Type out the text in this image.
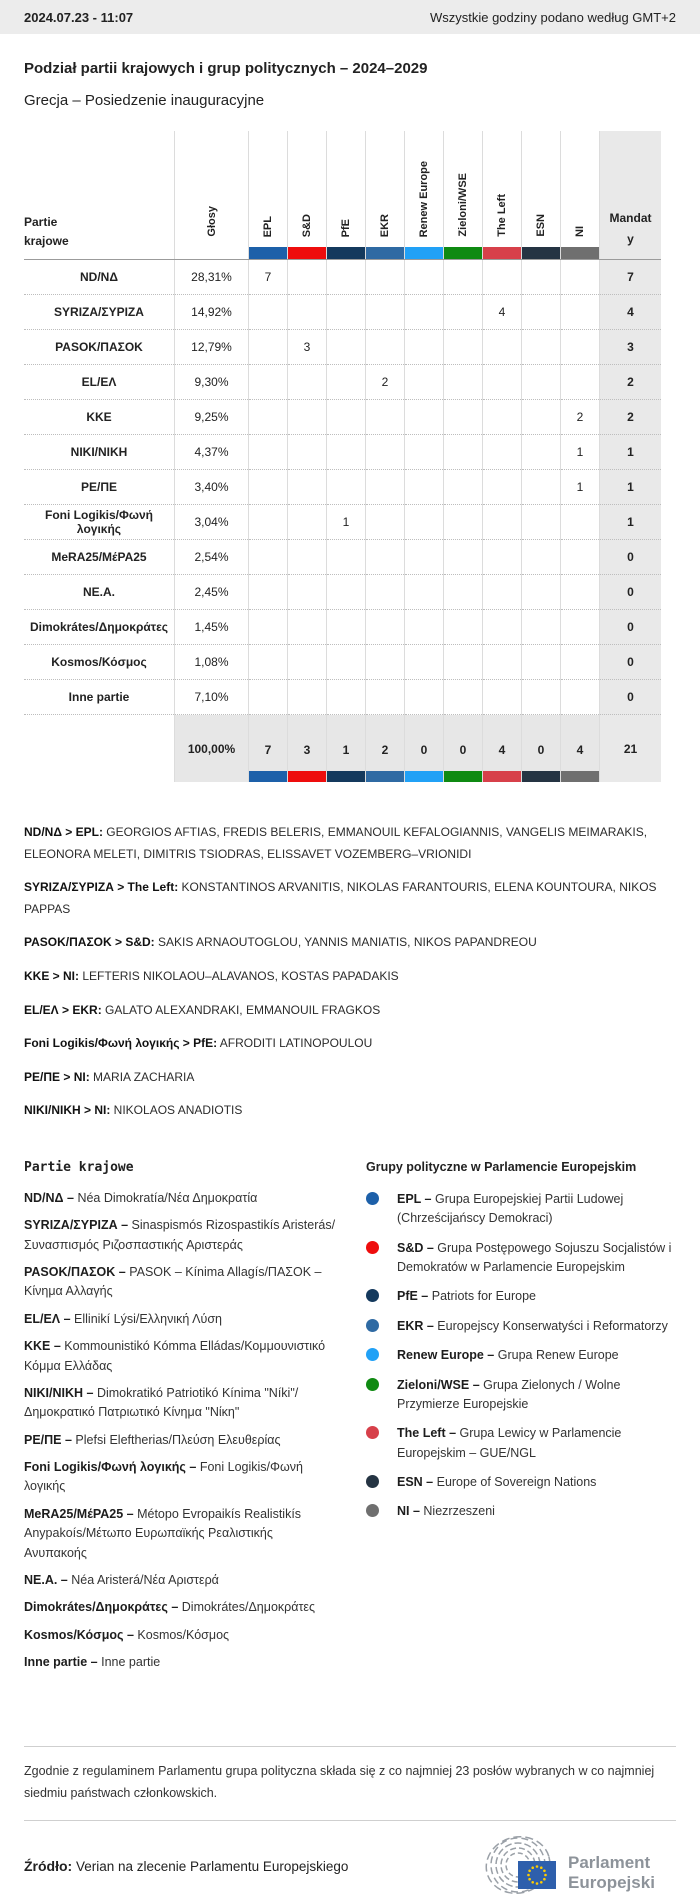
2024.07.23 - 11:07	Wszystkie godziny podano według GMT+2
Podział partii krajowych i grup politycznych – 2024–2029
Grecja – Posiedzenie inauguracyjne
Partie krajowe	Głosy	EPL	S&D	PfE	EKR	Renew Europe	Zieloni/WSE	The Left	ESN	NI	Mandaty

ND/NΔ	28,31%	7									7
SYRIZA/ΣΥΡΙΖΑ	14,92%							4			4
PASOK/ΠΑΣΟΚ	12,79%		3								3
EL/ΕΛ	9,30%				2						2
KKE	9,25%									2	2
NIKI/NIKH	4,37%									1	1
PE/ΠΕ	3,40%									1	1
Foni Logikis/Φωνή λογικής	3,04%			1							1
MeRA25/ΜέΡΑ25	2,54%										0
NE.A.	2,45%										0
Dimokrátes/Δημοκράτες	1,45%										0
Kosmos/Κόσμος	1,08%										0
Inne partie	7,10%										0
	100,00%	7	3	1	2	0	0	4	0	4	21

ND/NΔ > EPL: GEORGIOS AFTIAS, FREDIS BELERIS, EMMANOUIL KEFALOGIANNIS, VANGELIS MEIMARAKIS, ELEONORA MELETI, DIMITRIS TSIODRAS, ELISSAVET VOZEMBERG–VRIONIDI

SYRIZA/ΣΥΡΙΖΑ > The Left: KONSTANTINOS ARVANITIS, NIKOLAS FARANTOURIS, ELENA KOUNTOURA, NIKOS PAPPAS

PASOK/ΠΑΣΟΚ > S&D: SAKIS ARNAOUTOGLOU, YANNIS MANIATIS, NIKOS PAPANDREOU

KKE > NI: LEFTERIS NIKOLAOU–ALAVANOS, KOSTAS PAPADAKIS

EL/ΕΛ > EKR: GALATO ALEXANDRAKI, EMMANOUIL FRAGKOS

Foni Logikis/Φωνή λογικής > PfE: AFRODITI LATINOPOULOU

PE/ΠΕ > NI: MARIA ZACHARIA

NIKI/NIKH > NI: NIKOLAOS ANADIOTIS

Partie krajowe
ND/NΔ – Néa Dimokratía/Νέα Δημοκρατία
SYRIZA/ΣΥΡΙΖΑ – Sinaspismós Rizospastikís Aristerás/Συνασπισμός Ριζοσπαστικής Αριστεράς
PASOK/ΠΑΣΟΚ – PASOK – Kínima Allagís/ΠΑΣΟΚ – Κίνημα Αλλαγής
EL/ΕΛ – Ellinikí Lýsi/Ελληνική Λύση
KKE – Kommounistikó Kómma Elládas/Κομμουνιστικό Κόμμα Ελλάδας
NIKI/NIKH – Dimokratikó Patriotikó Kínima "Níki"/Δημοκρατικό Πατριωτικό Κίνημα "Νίκη"
PE/ΠΕ – Plefsi Eleftherias/Πλεύση Ελευθερίας
Foni Logikis/Φωνή λογικής – Foni Logikis/Φωνή λογικής
MeRA25/ΜέΡΑ25 – Métopo Evropaikís Realistikís Anypakoís/Μέτωπο Ευρωπαϊκής Ρεαλιστικής Ανυπακοής
NE.A. – Néa Aristerá/Νέα Αριστερά
Dimokrátes/Δημοκράτες – Dimokrátes/Δημοκράτες
Kosmos/Κόσμος – Kosmos/Κόσμος
Inne partie – Inne partie
Grupy polityczne w Parlamencie Europejskim
EPL – Grupa Europejskiej Partii Ludowej (Chrześcijańscy Demokraci)
S&D – Grupa Postępowego Sojuszu Socjalistów i Demokratów w Parlamencie Europejskim
PfE – Patriots for Europe
EKR – Europejscy Konserwatyści i Reformatorzy
Renew Europe – Grupa Renew Europe
Zieloni/WSE – Grupa Zielonych / Wolne Przymierze Europejskie
The Left – Grupa Lewicy w Parlamencie Europejskim – GUE/NGL
ESN – Europe of Sovereign Nations
NI – Niezrzeszeni

Zgodnie z regulaminem Parlamentu grupa polityczna składa się z co najmniej 23 posłów wybranych w co najmniej siedmiu państwach członkowskich.

Źródło: Verian na zlecenie Parlamentu Europejskiego	Parlament
Europejski
